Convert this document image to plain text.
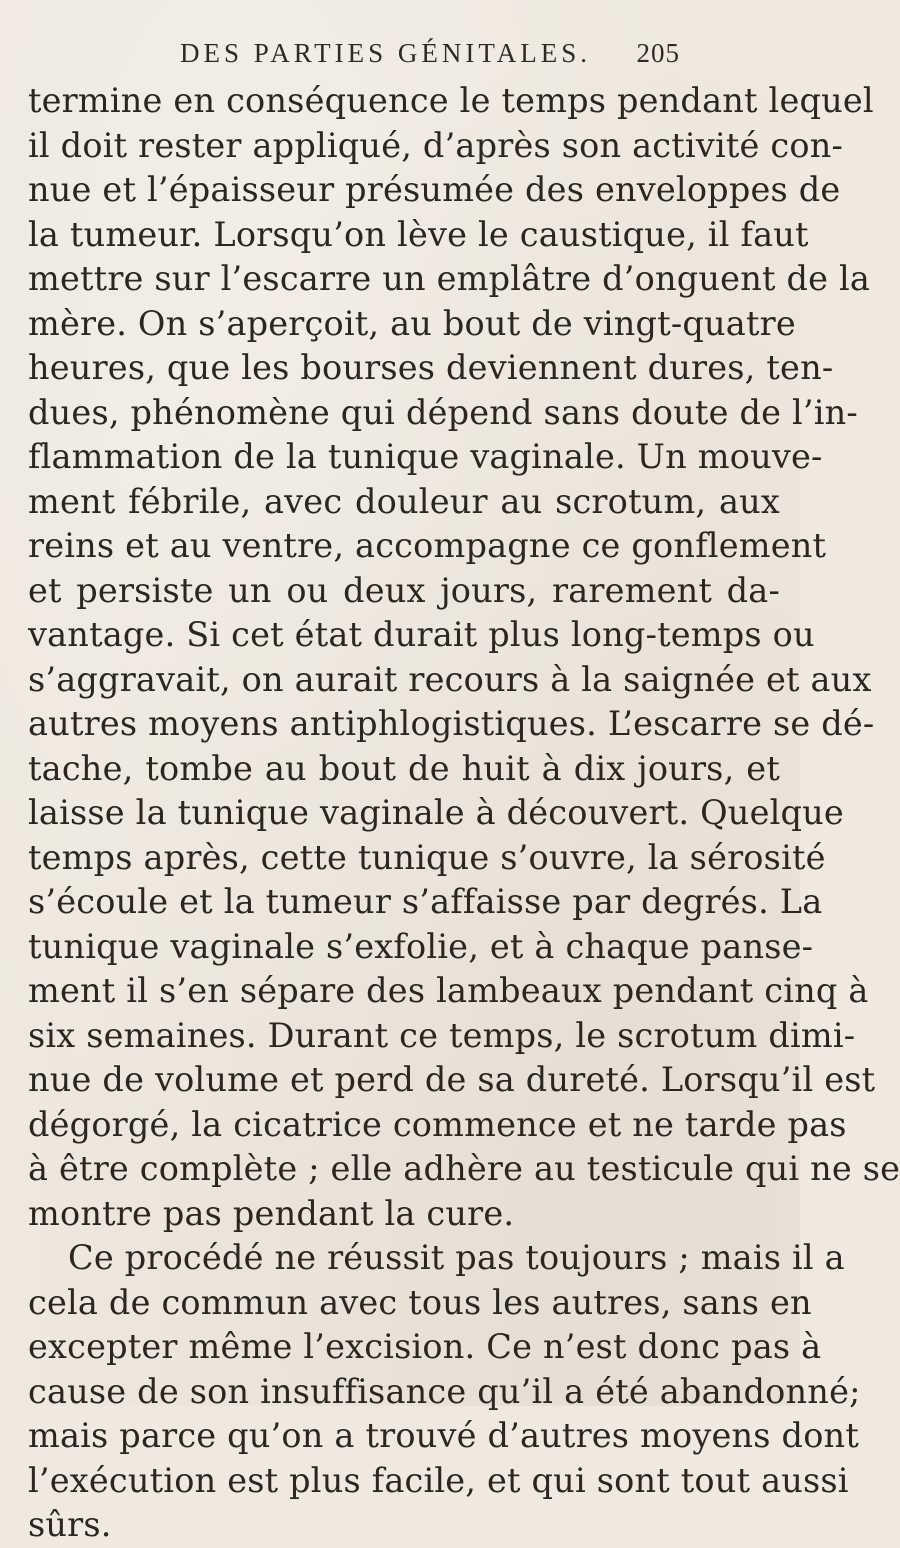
DES PARTIES GÉNITALES. 205
termine en conséquence le temps pendant lequel
il doit rester appliqué, d’après son activité con-
nue et l’épaisseur présumée des enveloppes de
la tumeur. Lorsqu’on lève le caustique, il faut
mettre sur l’escarre un emplâtre d’onguent de la
mère. On s’aperçoit, au bout de vingt-quatre
heures, que les bourses deviennent dures, ten-
dues, phénomène qui dépend sans doute de l’in-
flammation de la tunique vaginale. Un mouve-
ment fébrile, avec douleur au scrotum, aux
reins et au ventre, accompagne ce gonflement
et persiste un ou deux jours, rarement da-
vantage. Si cet état durait plus long-temps ou
s’aggravait, on aurait recours à la saignée et aux
autres moyens antiphlogistiques. L’escarre se dé-
tache, tombe au bout de huit à dix jours, et
laisse la tunique vaginale à découvert. Quelque
temps après, cette tunique s’ouvre, la sérosité
s’écoule et la tumeur s’affaisse par degrés. La
tunique vaginale s’exfolie, et à chaque panse-
ment il s’en sépare des lambeaux pendant cinq à
six semaines. Durant ce temps, le scrotum dimi-
nue de volume et perd de sa dureté. Lorsqu’il est
dégorgé, la cicatrice commence et ne tarde pas
à être complète ; elle adhère au testicule qui ne se
montre pas pendant la cure.
Ce procédé ne réussit pas toujours ; mais il a
cela de commun avec tous les autres, sans en
excepter même l’excision. Ce n’est donc pas à
cause de son insuffisance qu’il a été abandonné;
mais parce qu’on a trouvé d’autres moyens dont
l’exécution est plus facile, et qui sont tout aussi
sûrs.
